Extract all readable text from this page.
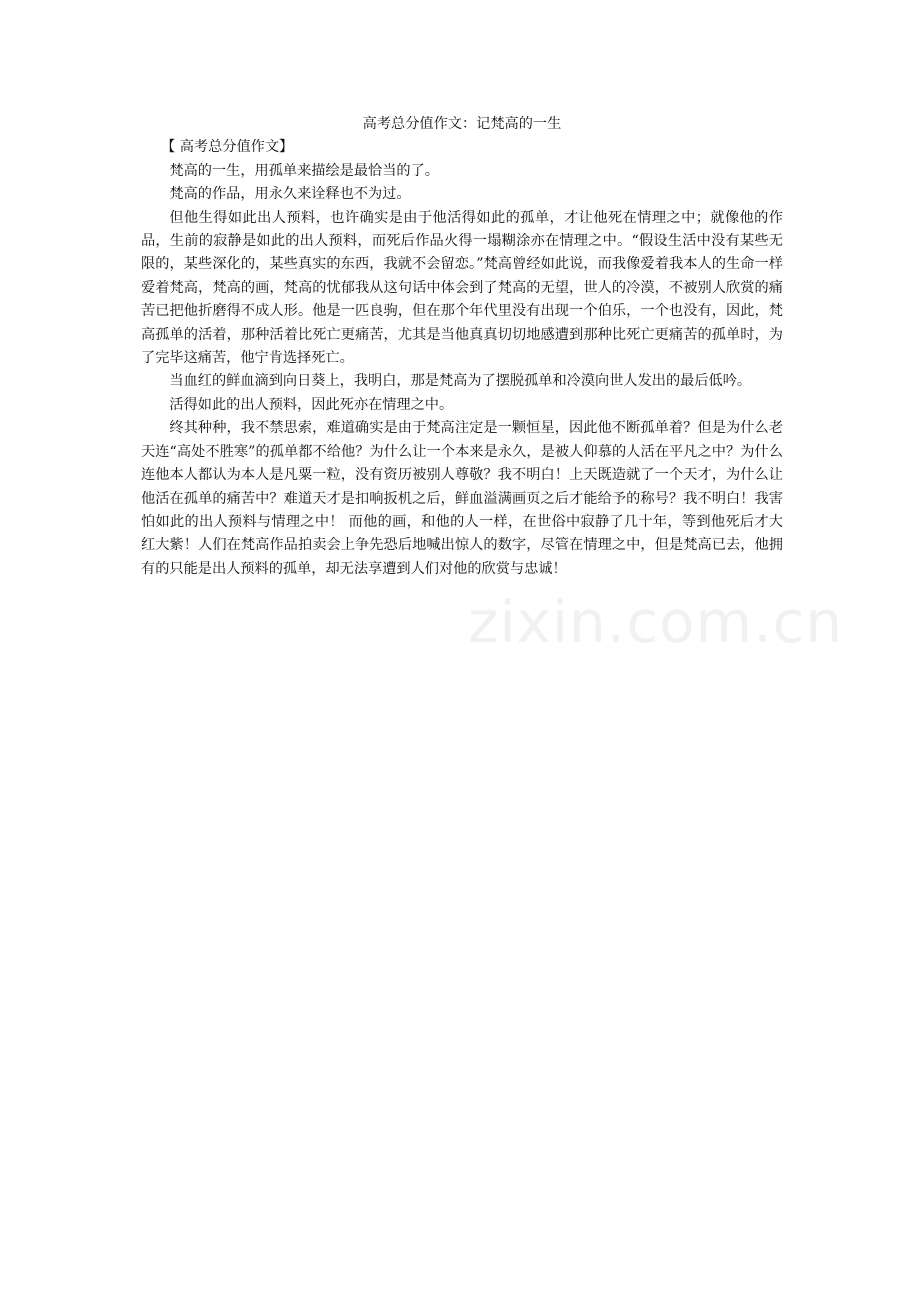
高考总分值作文：记梵高的一生

【 高考总分值作文】

梵高的一生，用孤单来描绘是最恰当的了。

梵高的作品，用永久来诠释也不为过。

但他生得如此出人预料，也许确实是由于他活得如此的孤单，才让他死在情理之中；就像他的作品，生前的寂静是如此的出人预料，而死后作品火得一塌糊涂亦在情理之中。“假设生活中没有某些无限的，某些深化的，某些真实的东西，我就不会留恋。”梵高曾经如此说，而我像爱着我本人的生命一样爱着梵高，梵高的画，梵高的忧郁我从这句话中体会到了梵高的无望，世人的冷漠，不被别人欣赏的痛苦已把他折磨得不成人形。他是一匹良驹，但在那个年代里没有出现一个伯乐，一个也没有，因此，梵高孤单的活着，那种活着比死亡更痛苦，尤其是当他真真切切地感遭到那种比死亡更痛苦的孤单时，为了完毕这痛苦，他宁肯选择死亡。

当血红的鲜血滴到向日葵上，我明白，那是梵高为了摆脱孤单和冷漠向世人发出的最后低吟。

活得如此的出人预料，因此死亦在情理之中。

终其种种，我不禁思索，难道确实是由于梵高注定是一颗恒星，因此他不断孤单着？但是为什么老天连“高处不胜寒”的孤单都不给他？为什么让一个本来是永久，是被人仰慕的人活在平凡之中？为什么连他本人都认为本人是凡粟一粒，没有资历被别人尊敬？我不明白！上天既造就了一个天才，为什么让他活在孤单的痛苦中？难道天才是扣响扳机之后，鲜血溢满画页之后才能给予的称号？我不明白！我害怕如此的出人预料与情理之中！ 而他的画，和他的人一样，在世俗中寂静了几十年，等到他死后才大红大紫！人们在梵高作品拍卖会上争先恐后地喊出惊人的数字，尽管在情理之中，但是梵高已去，他拥有的只能是出人预料的孤单，却无法享遭到人们对他的欣赏与忠诚！

zixin.com.cn
